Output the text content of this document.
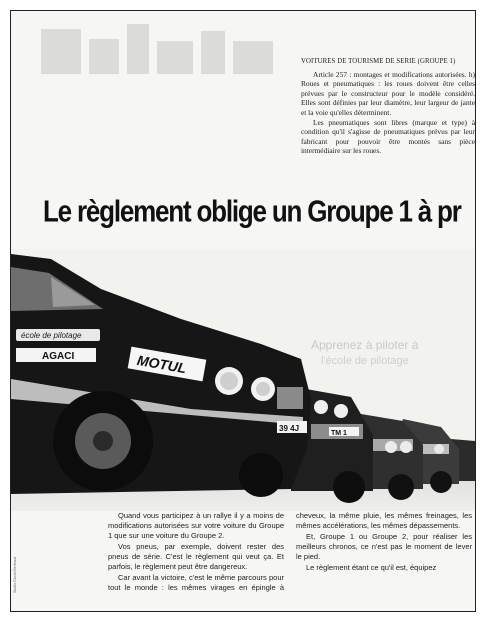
VOITURES DE TOURISME DE SERIE (GROUPE 1)

Article 257 : montages et modifications autorisées. h) Roues et pneumatiques : les roues doivent être celles prévues par le constructeur pour le modèle considéré. Elles sont définies par leur diamètre, leur largeur de jante et la voie qu'elles déterminent.

Les pneumatiques sont libres (marque et type) à condition qu'il s'agisse de pneumatiques prévus par leur fabricant pour pouvoir être montés sans pièce intermédiaire sur les roues.

Le règlement oblige un Groupe 1 à pr
Apprenez à piloter à
l'école de pilotage
TM 1
école de pilotage
AGACI	MOTUL
39 4J
Studio Daniel Berthaut

Quand vous participez à un rallye il y a moins de modifications autorisées sur votre voiture du Groupe 1 que sur une voiture du Groupe 2.

Vos pneus, par exemple, doivent rester des pneus de série. C'est le règlement qui veut ça. Et parfois, le règlement peut être dangereux.

Car avant la victoire, c'est le même parcours pour tout le monde : les mêmes virages en épingle à cheveux, la même pluie, les mêmes freinages, les mêmes accélérations, les mêmes dépassements.

Et, Groupe 1 ou Groupe 2, pour réaliser les meilleurs chronos, ce n'est pas le moment de lever le pied.

Le règlement étant ce qu'il est, équipez
